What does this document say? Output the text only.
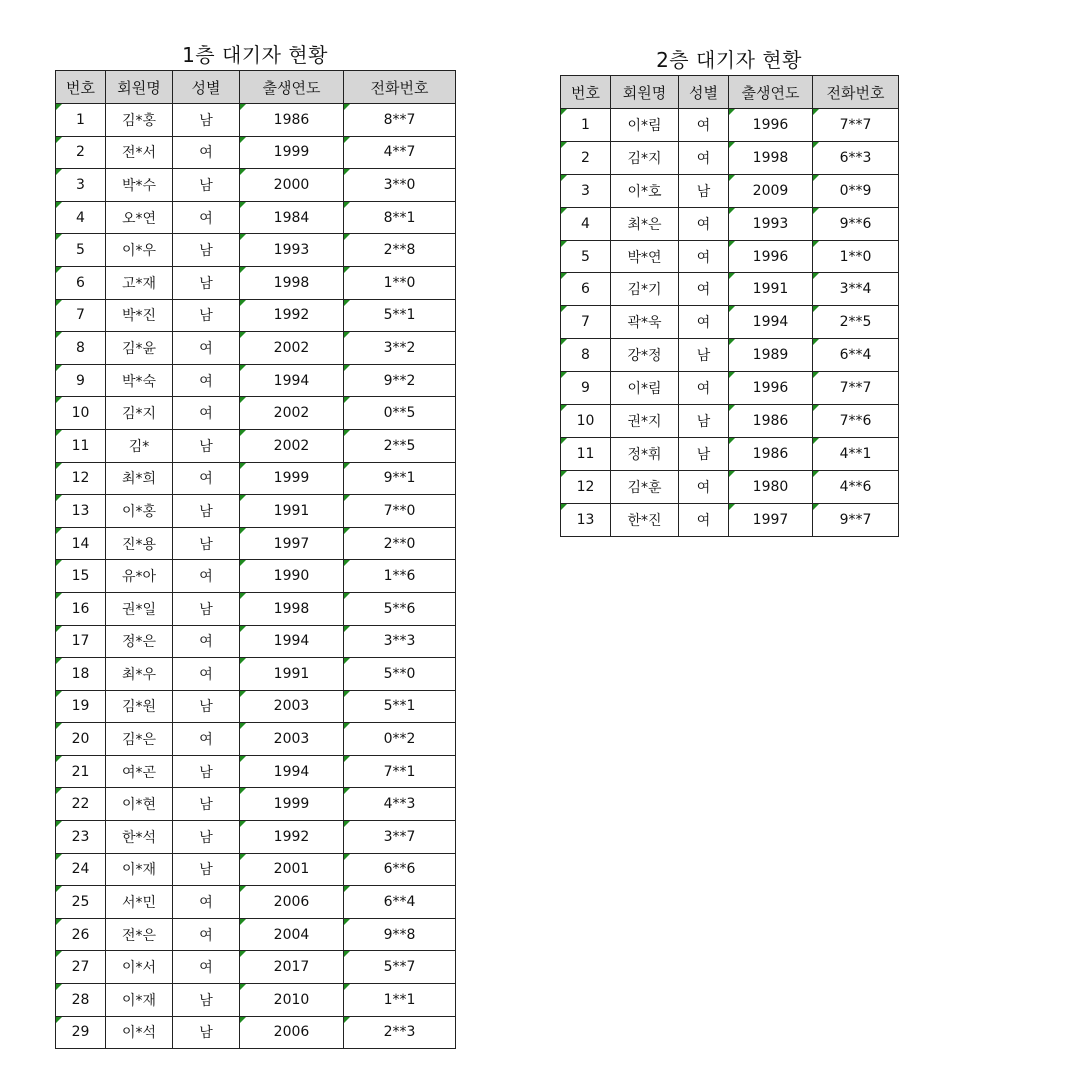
1층 대기자 현황
번호	회원명	성별	출생연도	전화번호
1	김*홍	남	1986	8**7
2	전*서	여	1999	4**7
3	박*수	남	2000	3**0
4	오*연	여	1984	8**1
5	이*우	남	1993	2**8
6	고*재	남	1998	1**0
7	박*진	남	1992	5**1
8	김*윤	여	2002	3**2
9	박*숙	여	1994	9**2
10	김*지	여	2002	0**5
11	김*	남	2002	2**5
12	최*희	여	1999	9**1
13	이*홍	남	1991	7**0
14	진*용	남	1997	2**0
15	유*아	여	1990	1**6
16	권*일	남	1998	5**6
17	정*은	여	1994	3**3
18	최*우	여	1991	5**0
19	김*원	남	2003	5**1
20	김*은	여	2003	0**2
21	여*곤	남	1994	7**1
22	이*현	남	1999	4**3
23	한*석	남	1992	3**7
24	이*재	남	2001	6**6
25	서*민	여	2006	6**4
26	전*은	여	2004	9**8
27	이*서	여	2017	5**7
28	이*재	남	2010	1**1
29	이*석	남	2006	2**3
2층 대기자 현황
번호	회원명	성별	출생연도	전화번호
1	이*림	여	1996	7**7
2	김*지	여	1998	6**3
3	이*호	남	2009	0**9
4	최*은	여	1993	9**6
5	박*연	여	1996	1**0
6	김*기	여	1991	3**4
7	곽*욱	여	1994	2**5
8	강*정	남	1989	6**4
9	이*림	여	1996	7**7
10	권*지	남	1986	7**6
11	정*휘	남	1986	4**1
12	김*훈	여	1980	4**6
13	한*진	여	1997	9**7
